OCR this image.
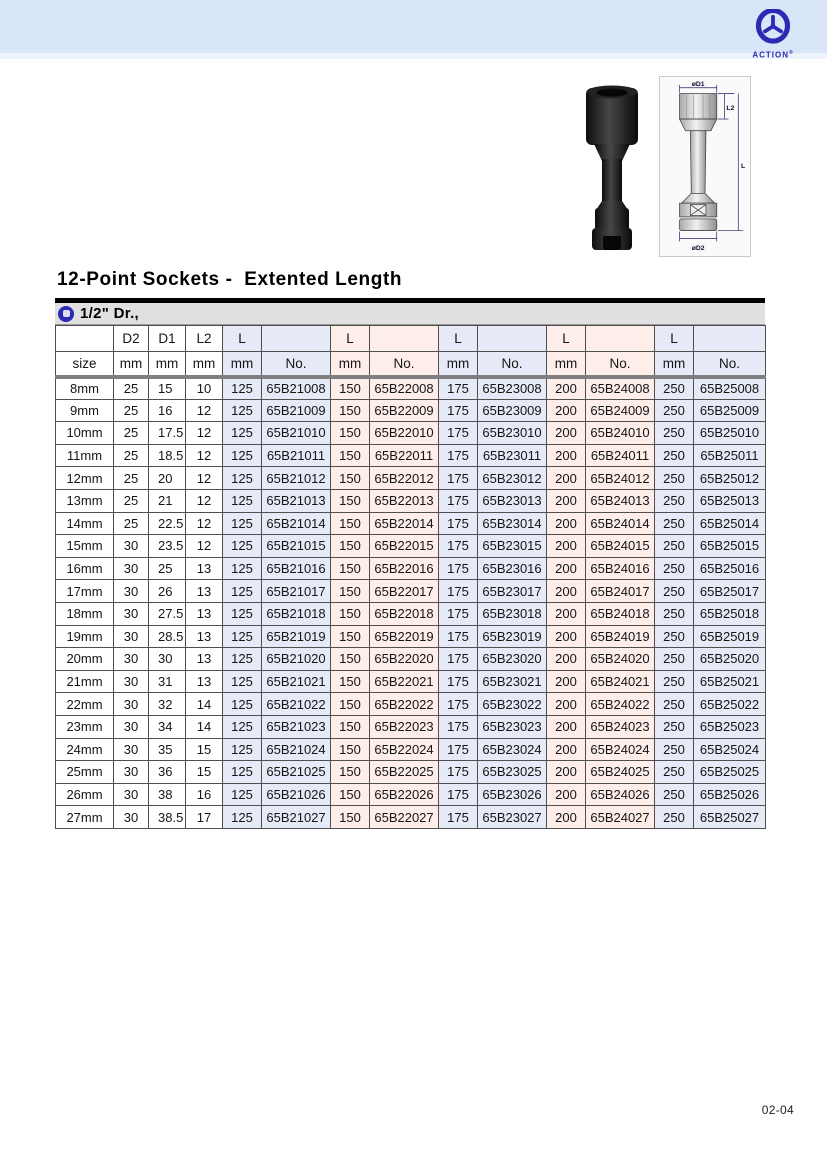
ACTION®
øD1
L2
L
øD2
12-Point Sockets -  Extented Length
1/2" Dr.,
	D2	D1	L2	L		L		L		L		L	
size	mm	mm	mm	mm	No.	mm	No.	mm	No.	mm	No.	mm	No.
8mm	25	15	10	125	65B21008	150	65B22008	175	65B23008	200	65B24008	250	65B25008
9mm	25	16	12	125	65B21009	150	65B22009	175	65B23009	200	65B24009	250	65B25009
10mm	25	17.5	12	125	65B21010	150	65B22010	175	65B23010	200	65B24010	250	65B25010
11mm	25	18.5	12	125	65B21011	150	65B22011	175	65B23011	200	65B24011	250	65B25011
12mm	25	20	12	125	65B21012	150	65B22012	175	65B23012	200	65B24012	250	65B25012
13mm	25	21	12	125	65B21013	150	65B22013	175	65B23013	200	65B24013	250	65B25013
14mm	25	22.5	12	125	65B21014	150	65B22014	175	65B23014	200	65B24014	250	65B25014
15mm	30	23.5	12	125	65B21015	150	65B22015	175	65B23015	200	65B24015	250	65B25015
16mm	30	25	13	125	65B21016	150	65B22016	175	65B23016	200	65B24016	250	65B25016
17mm	30	26	13	125	65B21017	150	65B22017	175	65B23017	200	65B24017	250	65B25017
18mm	30	27.5	13	125	65B21018	150	65B22018	175	65B23018	200	65B24018	250	65B25018
19mm	30	28.5	13	125	65B21019	150	65B22019	175	65B23019	200	65B24019	250	65B25019
20mm	30	30	13	125	65B21020	150	65B22020	175	65B23020	200	65B24020	250	65B25020
21mm	30	31	13	125	65B21021	150	65B22021	175	65B23021	200	65B24021	250	65B25021
22mm	30	32	14	125	65B21022	150	65B22022	175	65B23022	200	65B24022	250	65B25022
23mm	30	34	14	125	65B21023	150	65B22023	175	65B23023	200	65B24023	250	65B25023
24mm	30	35	15	125	65B21024	150	65B22024	175	65B23024	200	65B24024	250	65B25024
25mm	30	36	15	125	65B21025	150	65B22025	175	65B23025	200	65B24025	250	65B25025
26mm	30	38	16	125	65B21026	150	65B22026	175	65B23026	200	65B24026	250	65B25026
27mm	30	38.5	17	125	65B21027	150	65B22027	175	65B23027	200	65B24027	250	65B25027
02-04
